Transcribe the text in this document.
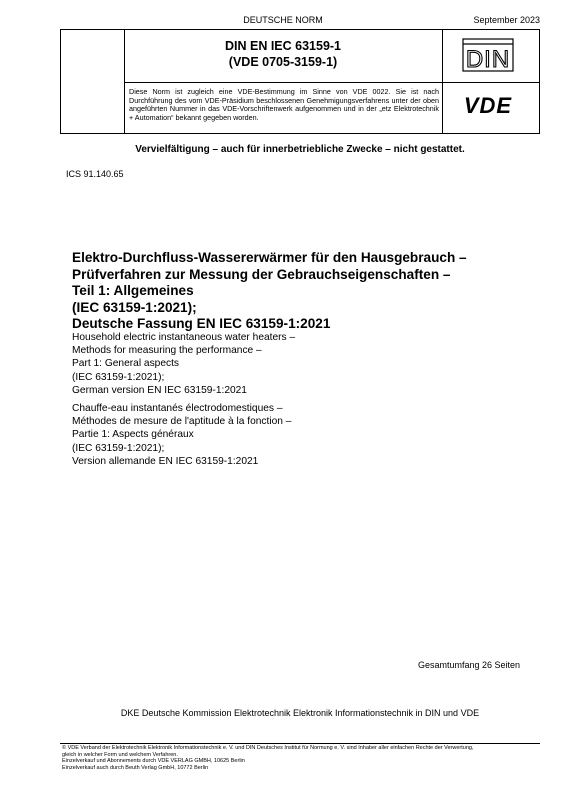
DEUTSCHE NORM	September 2023
DIN EN IEC 63159-1
(VDE 0705-3159-1)
Diese Norm ist zugleich eine VDE-Bestimmung im Sinne von VDE 0022. Sie ist nach Durchführung des vom VDE-Präsidium beschlossenen Genehmigungsverfahrens unter der oben angeführten Nummer in das VDE-Vorschriftenwerk aufgenommen und in der „etz Elektrotechnik + Automation“ bekannt gegeben worden.
DIN
VDE
Vervielfältigung – auch für innerbetriebliche Zwecke – nicht gestattet.
ICS 91.140.65
Elektro-Durchfluss-Wassererwärmer für den Hausgebrauch –
Prüfverfahren zur Messung der Gebrauchseigenschaften –
Teil 1: Allgemeines
(IEC 63159-1:2021);
Deutsche Fassung EN IEC 63159-1:2021
Household electric instantaneous water heaters –
Methods for measuring the performance –
Part 1: General aspects
(IEC 63159-1:2021);
German version EN IEC 63159-1:2021
Chauffe-eau instantanés électrodomestiques –
Méthodes de mesure de l'aptitude à la fonction –
Partie 1: Aspects généraux
(IEC 63159-1:2021);
Version allemande EN IEC 63159-1:2021
Gesamtumfang 26 Seiten
DKE Deutsche Kommission Elektrotechnik Elektronik Informationstechnik in DIN und VDE
© VDE Verband der Elektrotechnik Elektronik Informationstechnik e. V. und DIN Deutsches Institut für Normung e. V. sind Inhaber aller einfachen Rechte der Verwertung,
gleich in welcher Form und welchem Verfahren.
Einzelverkauf und Abonnements durch VDE VERLAG GMBH, 10625 Berlin
Einzelverkauf auch durch Beuth Verlag GmbH, 10772 Berlin
